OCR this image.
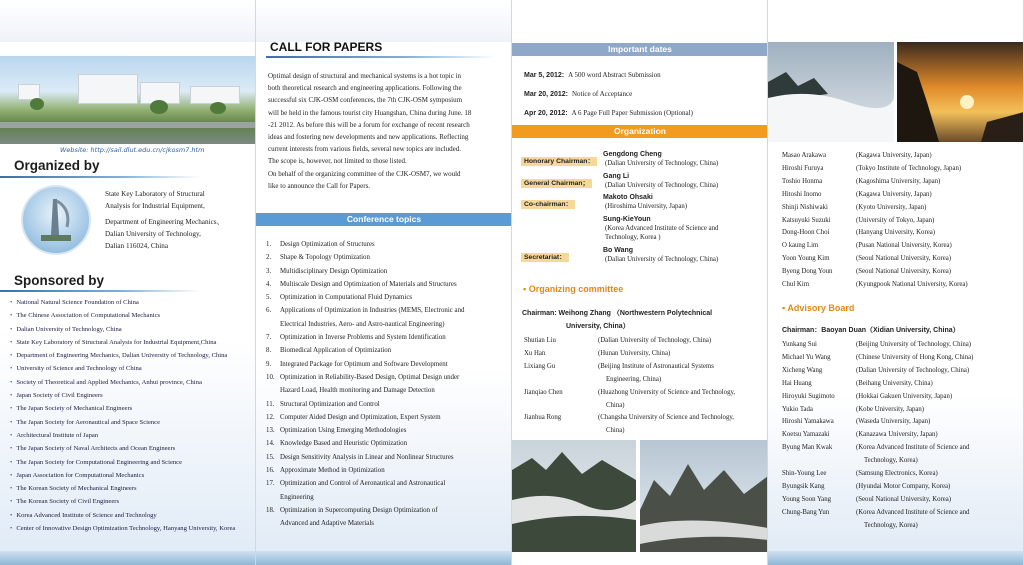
Website: http://sail.dlut.edu.cn/cjkosm7.htm
Organized by
State Key Laboratory of Structural
Analysis for Industrial Equipment,
Department of Engineering Mechanics、
Dalian University of Technology,
Dalian 116024, China
Sponsored by
• National Natural Science Foundation of China
• The Chinese Association of Computational Mechanics
• Dalian University of Technology, China
• State Key Laboratory of Structural Analysis for Industrial Equipment,China
• Department of Engineering Mechanics, Dalian University of Technology, China
• University of Science and Technology of China
• Society of Theoretical and Applied Mechanics, Anhui province, China
• Japan Society of Civil Engineers
• The Japan Society of Mechanical Engineers
• The Japan Society for Aeronautical and Space Science
• Architectural Institute of Japan
• The Japan Society of Naval Architects and Ocean Engineers
• The Japan Society for Computational Engineering and Science
• Japan Association for Computational Mechanics
• The Korean Society of Mechanical Engineers
• The Korean Society of Civil Engineers
• Korea Advanced Institute of Science and Technology
• Center of Innovative Design Optimization Technology, Hanyang University, Korea
CALL FOR PAPERS
Optimal design of structural and mechanical systems is a hot topic in
both theoretical research and engineering applications. Following the
successful six CJK-OSM conferences, the 7th CJK-OSM symposium
will be held in the famous tourist city Huangshan, China during June. 18
-21 2012. As before this will be a forum for exchange of recent research
ideas and fostering new developments and new applications. Reflecting
current interests from various fields, several new topics are included.
The scope is, however, not limited to those listed.
On behalf of the organizing committee of the CJK-OSM7, we would
like to announce the Call for Papers.
Conference topics
1.	Design Optimization of Structures
2.	Shape & Topology Optimization
3.	Multidisciplinary Design Optimization
4.	Multiscale Design and Optimization of Materials and Structures
5.	Optimization in Computational Fluid Dynamics
6.	Applications of Optimization in Industries (MEMS, Electronic and
Electrical Industries, Aero- and Astro-nautical Engineering)
7.	Optimization in Inverse Problems and System Identification
8.	Biomedical Application of Optimization
9.	Integrated Package for Optimum and Software Development
10. Optimization in Reliability-Based Design, Optimal Design under
Hazard Load, Health monitoring and Damage Detection
11. Structural Optimization and Control
12. Computer Aided Design and Optimization, Expert System
13. Optimization Using Emerging Methodologies
14. Knowledge Based and Heuristic Optimization
15. Design Sensitivity Analysis in Linear and Nonlinear Structures
16. Approximate Method in Optimization
17. Optimization and Control of Aeronautical and Astronautical
Engineering
18. Optimization in Supercomputing Design Optimization of
Advanced and Adaptive Materials
Important dates
Mar 5, 2012: A 500 word Abstract Submission
Mar 20, 2012: Notice of Acceptance
Apr 20, 2012: A 6 Page Full Paper Submission (Optional)
Organization
Honorary Chairman：
Gengdong Cheng
(Dalian University of Technology, China)
General Chairman；
Gang Li
(Dalian University of Technology, China)
Co-chairman：
Makoto Ohsaki
(Hiroshima University, Japan)
Sung-KieYoun
(Korea Advanced Institute of Science and
Technology, Korea )
Secretariat：
Bo Wang
(Dalian University of Technology, China)
▪ Organizing committee
Chairman: Weihong Zhang （Northwestern Polytechnical
University, China）
Shutian Liu	(Dalian University of Technology, China)
Xu Han	(Hunan University, China)
Lixiang Gu	(Beijing Institute of Astronautical Systems
Engineering, China)
Jianqiao Chen	(Huazhong University of Science and Technology,
China)
Jianhua Rong	(Changsha University of Science and Technology,
China)
Masao Arakawa	(Kagawa University, Japan)
Hiroshi Furuya	(Tokyo Institute of Technology, Japan)
Toshio Honma	(Kagoshima University, Japan)
Hitoshi Inomo	(Kagawa University, Japan)
Shinji Nishiwaki	(Kyoto University, Japan)
Katsuyuki Suzuki	(University of Tokyo, Japan)
Dong-Hoon Choi	(Hanyang University, Korea)
O kaung Lim	(Pusan National University, Korea)
Yoon Young Kim	(Seoul National University, Korea)
Byeng Dong Youn	(Seoul National University, Korea)
Chul Kim	(Kyungpook National University, Korea)
▪ Advisory Board
Chairman：Baoyan Duan（Xidian University, China）
Yunkang Sui	(Beijing University of Technology, China)
Michael Yu Wang	(Chinese University of Hong Kong, China)
Xicheng Wang	(Dalian University of Technology, China)
Hai Huang	(Beihang University, China)
Hiroyuki Sugimoto	(Hokkai Gakuen University, Japan)
Yukio Tada	(Kobe University, Japan)
Hiroshi Yamakawa	(Waseda University, Japan)
Koetsu Yamazaki	(Kanazawa University, Japan)
Byung Man Kwak	(Korea Advanced Institute of Science and
Technology, Korea)
Shin-Young Lee	(Samsung Electronics, Korea)
Byungsik Kang	(Hyundai Motor Company, Korea)
Young Soon Yang	(Seoul National University, Korea)
Chung-Bang Yun	(Korea Advanced Institute of Science and
Technology, Korea)
